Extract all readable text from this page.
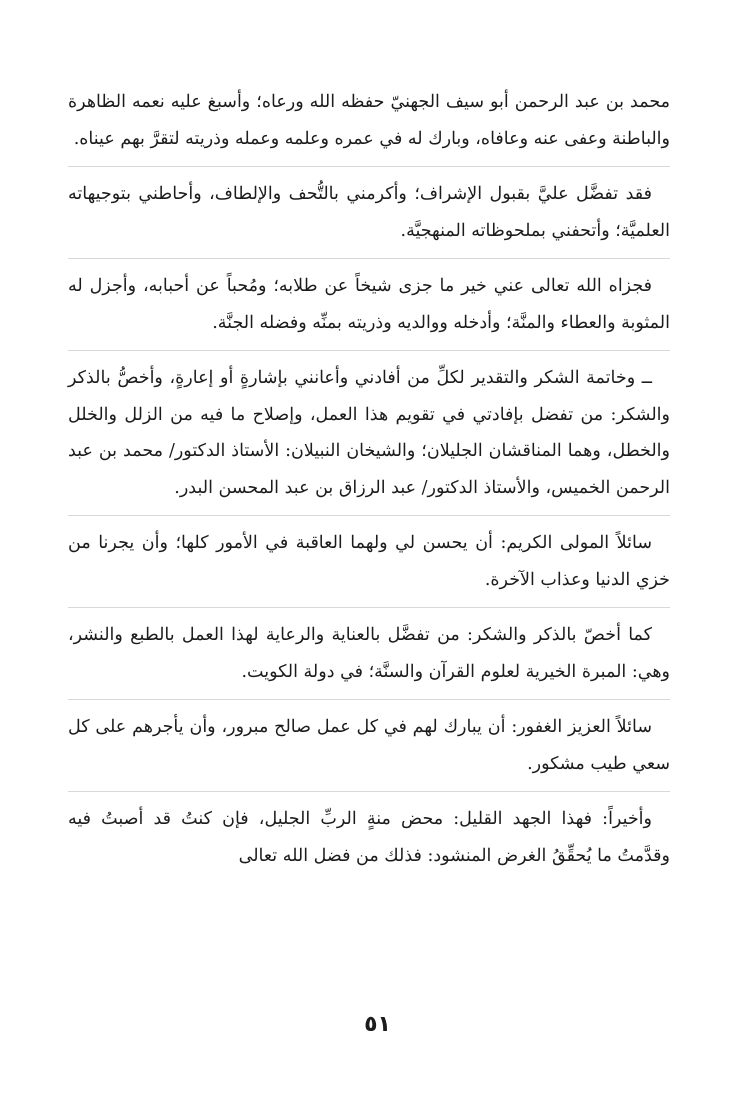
محمد بن عبد الرحمن أبو سيف الجهنيّ حفظه الله ورعاه؛ وأسبغ عليه نعمه الظاهرة والباطنة وعفى عنه وعافاه، وبارك له في عمره وعلمه وعمله وذريته لتقرَّ بهم عيناه.

فقد تفضَّل عليَّ بقبول الإشراف؛ وأكرمني بالتُّحف والإلطاف، وأحاطني بتوجيهاته العلميَّة؛ وأتحفني بملحوظاته المنهجيَّة.

فجزاه الله تعالى عني خير ما جزى شيخاً عن طلابه؛ ومُحباً عن أحبابه، وأجزل له المثوبة والعطاء والمنَّة؛ وأدخله ووالديه وذريته بمنِّه وفضله الجنَّة.

ــ وخاتمة الشكر والتقدير لكلِّ من أفادني وأعانني بإشارةٍ أو إعارةٍ، وأخصُّ بالذكر والشكر: من تفضل بإفادتي في تقويم هذا العمل، وإصلاح ما فيه من الزلل والخلل والخطل، وهما المناقشان الجليلان؛ والشيخان النبيلان: الأستاذ الدكتور/ محمد بن عبد الرحمن الخميس، والأستاذ الدكتور/ عبد الرزاق بن عبد المحسن البدر.

سائلاً المولى الكريم: أن يحسن لي ولهما العاقبة في الأمور كلها؛ وأن يجرنا من خزي الدنيا وعذاب الآخرة.

كما أخصّ بالذكر والشكر: من تفضَّل بالعناية والرعاية لهذا العمل بالطبع والنشر، وهي: المبرة الخيرية لعلوم القرآن والسنَّة؛ في دولة الكويت.

سائلاً العزيز الغفور: أن يبارك لهم في كل عمل صالح مبرور، وأن يأجرهم على كل سعي طيب مشكور.

وأخيراً: فهذا الجهد القليل: محض منةٍ الربِّ الجليل، فإن كنتُ قد أصبتُ فيه وقدَّمتُ ما يُحقِّقُ الغرض المنشود: فذلك من فضل الله تعالى

٥١
